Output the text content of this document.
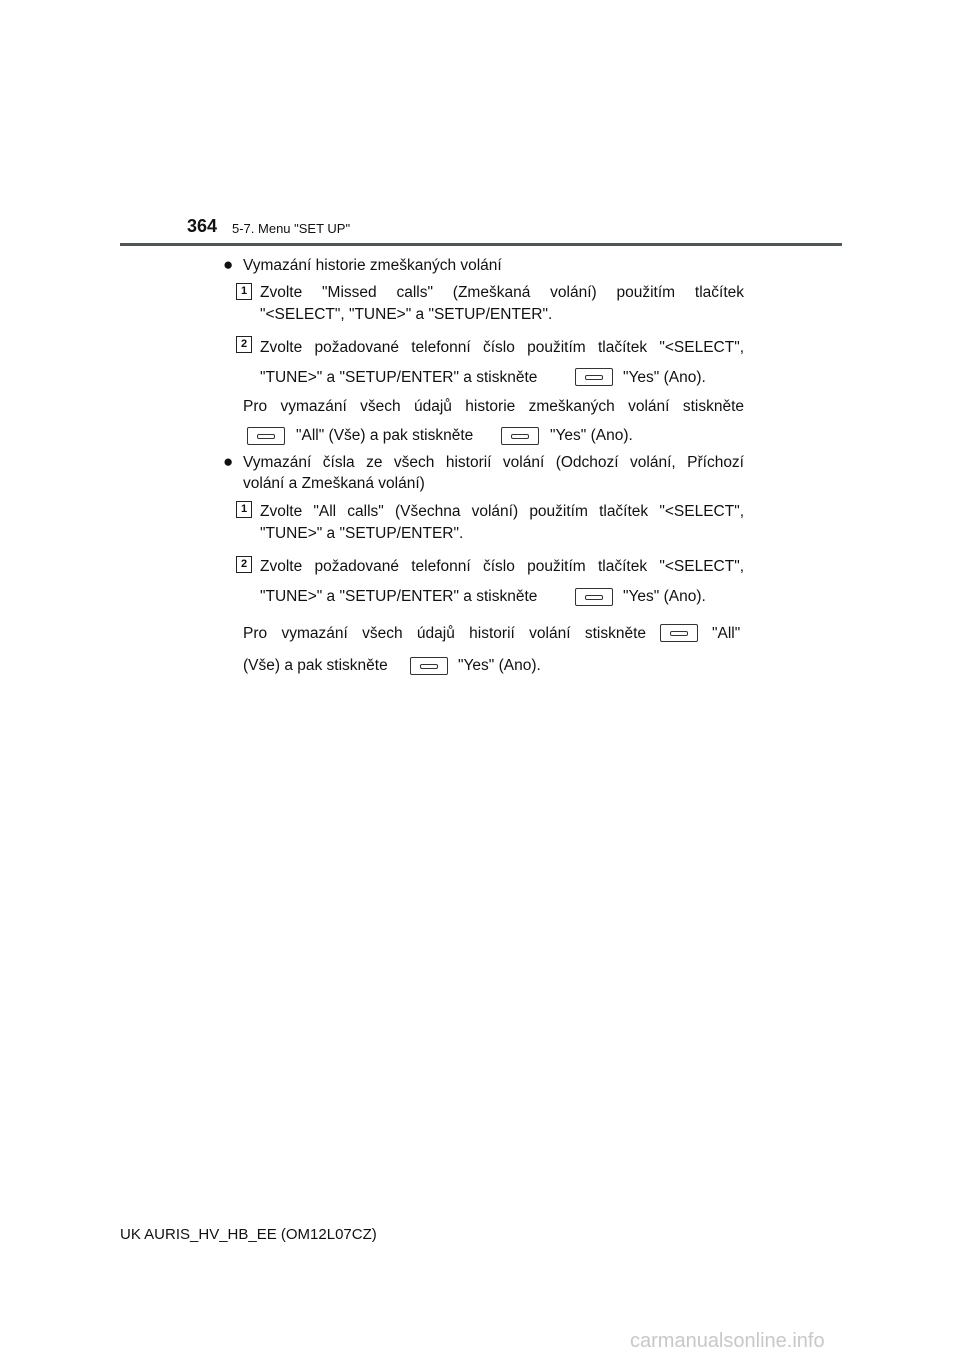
364 5-7. Menu "SET UP"
● Vymazání historie zmeškaných volání
1 Zvolte "Missed calls" (Zmeškaná volání) použitím tlačítek
"<SELECT", "TUNE>" a "SETUP/ENTER".
2 Zvolte požadované telefonní číslo použitím tlačítek "<SELECT",
"TUNE>" a "SETUP/ENTER" a stiskněte	"Yes" (Ano).
Pro vymazání všech údajů historie zmeškaných volání stiskněte
"All" (Vše) a pak stiskněte	"Yes" (Ano).
● Vymazání čísla ze všech historií volání (Odchozí volání, Příchozí
volání a Zmeškaná volání)
1 Zvolte "All calls" (Všechna volání) použitím tlačítek "<SELECT",
"TUNE>" a "SETUP/ENTER".
2 Zvolte požadované telefonní číslo použitím tlačítek "<SELECT",
"TUNE>" a "SETUP/ENTER" a stiskněte	"Yes" (Ano).
Pro vymazání všech údajů historií volání stiskněte	"All"
(Vše) a pak stiskněte	"Yes" (Ano).
UK AURIS_HV_HB_EE (OM12L07CZ)
carmanualsonline.info
